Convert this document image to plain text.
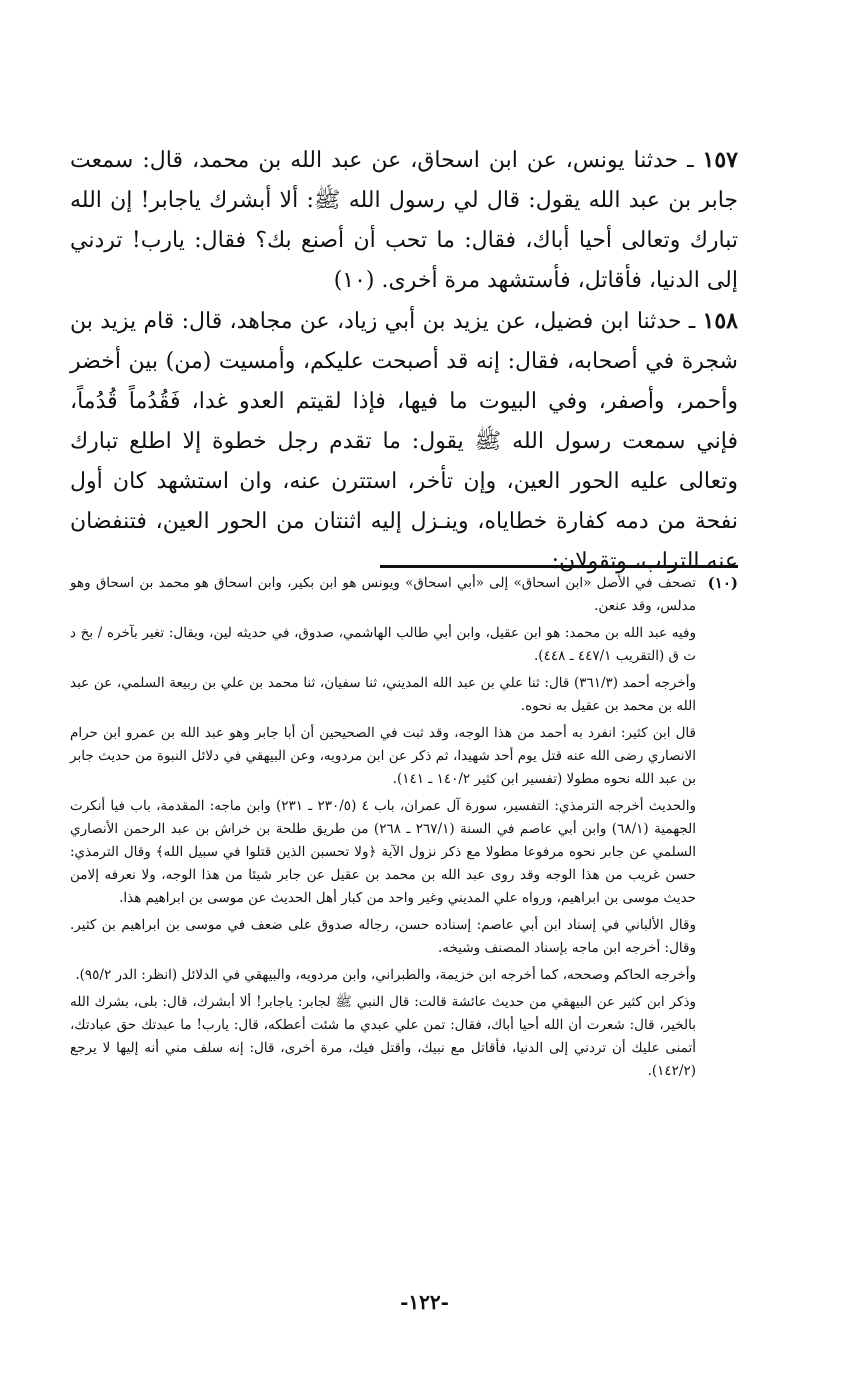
١٥٧ ـ حدثنا يونس، عن ابن اسحاق، عن عبد الله بن محمد، قال: سمعت جابر بن عبد الله يقول: قال لي رسول الله ﷺ: ألا أبشرك ياجابر! إن الله تبارك وتعالى أحيا أباك، فقال: ما تحب أن أصنع بك؟ فقال: يارب! تردني إلى الدنيا، فأقاتل، فأستشهد مرة أخرى. (١٠)

١٥٨ ـ حدثنا ابن فضيل، عن يزيد بن أبي زياد، عن مجاهد، قال: قام يزيد بن شجرة في أصحابه، فقال: إنه قد أصبحت عليكم، وأمسيت (من) بين أخضر وأحمر، وأصفر، وفي البيوت ما فيها، فإذا لقيتم العدو غدا، فَقُدُماً قُدُماً، فإني سمعت رسول الله ﷺ يقول: ما تقدم رجل خطوة إلا اطلع تبارك وتعالى عليه الحور العين، وإن تأخر، استترن عنه، وان استشهد كان أول نفحة من دمه كفارة خطاياه، وينـزل إليه اثنتان من الحور العين، فتنفضان عنه التراب، وتقولان:

(١٠)

تصحف في الأصل «ابن اسحاق» إلى «أبي اسحاق» ويونس هو ابن بكير، وابن اسحاق هو محمد بن اسحاق وهو مدلس، وقد عنعن.

وفيه عبد الله بن محمد: هو ابن عقيل، وابن أبي طالب الهاشمي، صدوق، في حديثه لين، ويقال: تغير بآخره / بخ د ت ق (التقريب ٤٤٧/١ ـ ٤٤٨).

وأخرجه أحمد (٣٦١/٣) قال: ثنا علي بن عبد الله المديني، ثنا سفيان، ثنا محمد بن علي بن ربيعة السلمي، عن عبد الله بن محمد بن عقيل به نحوه.

قال ابن كثير: انفرد به أحمد من هذا الوجه، وقد ثبت في الصحيحين أن أبا جابر وهو عبد الله بن عمرو ابن حرام الانصاري رضى الله عنه قتل يوم أحد شهيدا، ثم ذكر عن ابن مردويه، وعن البيهقي في دلائل النبوة من حديث جابر بن عبد الله نحوه مطولا (تفسير ابن كثير ١٤٠/٢ ـ ١٤١).

والحديث أخرجه الترمذي: التفسير، سورة آل عمران، باب ٤ (٢٣٠/٥ ـ ٢٣١) وابن ماجه: المقدمة، باب فيا أنكرت الجهمية (٦٨/١) وابن أبي عاصم في السنة (٢٦٧/١ ـ ٢٦٨) من طريق طلحة بن خراش بن عبد الرحمن الأنصاري السلمي عن جابر نحوه مرفوعا مطولا مع ذكر نزول الآية ﴿ولا تحسبن الذين قتلوا في سبيل الله﴾ وقال الترمذي: حسن غريب من هذا الوجه وقد روى عبد الله بن محمد بن عقيل عن جابر شيئا من هذا الوجه، ولا نعرفه إلامن حديث موسى بن ابراهيم، ورواه علي المديني وغير واحد من كبار أهل الحديث عن موسى بن ابراهيم هذا.

وقال الألباني في إسناد ابن أبي عاصم: إسناده حسن، رجاله صدوق على ضعف في موسى بن ابراهيم بن كثير. وقال: أخرجه ابن ماجه بإسناد المصنف وشيخه.

وأخرجه الحاكم وصححه، كما أخرجه ابن خزيمة، والطبراني، وابن مردويه، والبيهقي في الدلائل (انظر: الدر ٩٥/٢).

وذكر ابن كثير عن البيهقي من حديث عائشة قالت: قال النبي ﷺ لجابر: ياجابر! ألا أبشرك، قال: بلى، بشرك الله بالخير، قال: شعرت أن الله أحيا أباك، فقال: تمن علي عبدي ما شئت أعطكه، قال: يارب! ما عبدتك حق عبادتك، أتمنى عليك أن تردني إلى الدنيا، فأقاتل مع نبيك، وأقتل فيك، مرة أخرى، قال: إنه سلف مني أنه إليها لا يرجع (١٤٢/٢).

-١٢٢-
